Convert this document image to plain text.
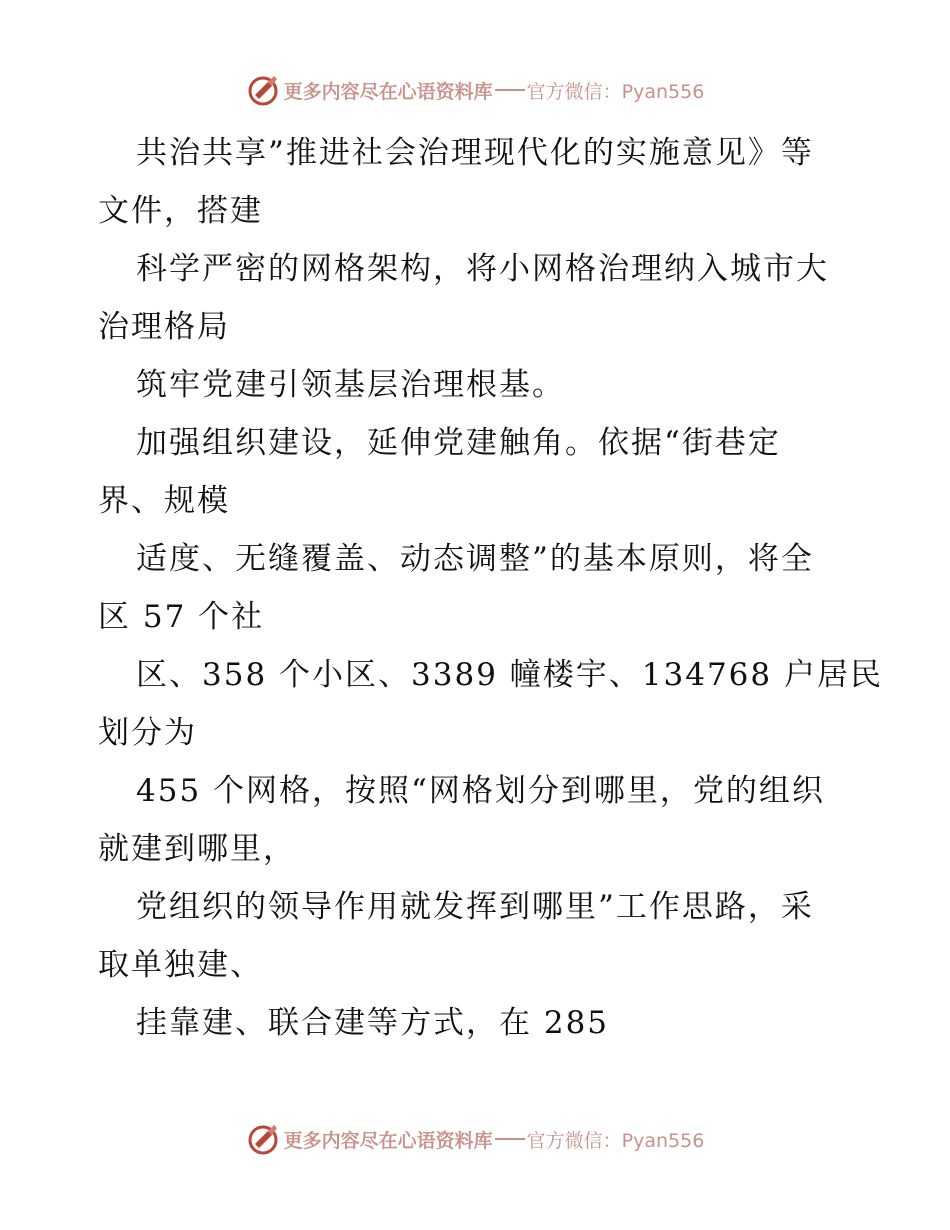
更多内容尽在心语资料库 官方微信：Pyan556
共治共享”推进社会治理现代化的实施意见》等
文件，搭建
科学严密的网格架构，将小网格治理纳入城市大
治理格局
筑牢党建引领基层治理根基。
加强组织建设，延伸党建触角。依据“街巷定
界、规模
适度、无缝覆盖、动态调整”的基本原则，将全
区 57 个社
区、358 个小区、3389 幢楼宇、134768 户居民
划分为
455 个网格，按照“网格划分到哪里，党的组织
就建到哪里，
党组织的领导作用就发挥到哪里”工作思路，采
取单独建、
挂靠建、联合建等方式，在 285
更多内容尽在心语资料库 官方微信：Pyan556
